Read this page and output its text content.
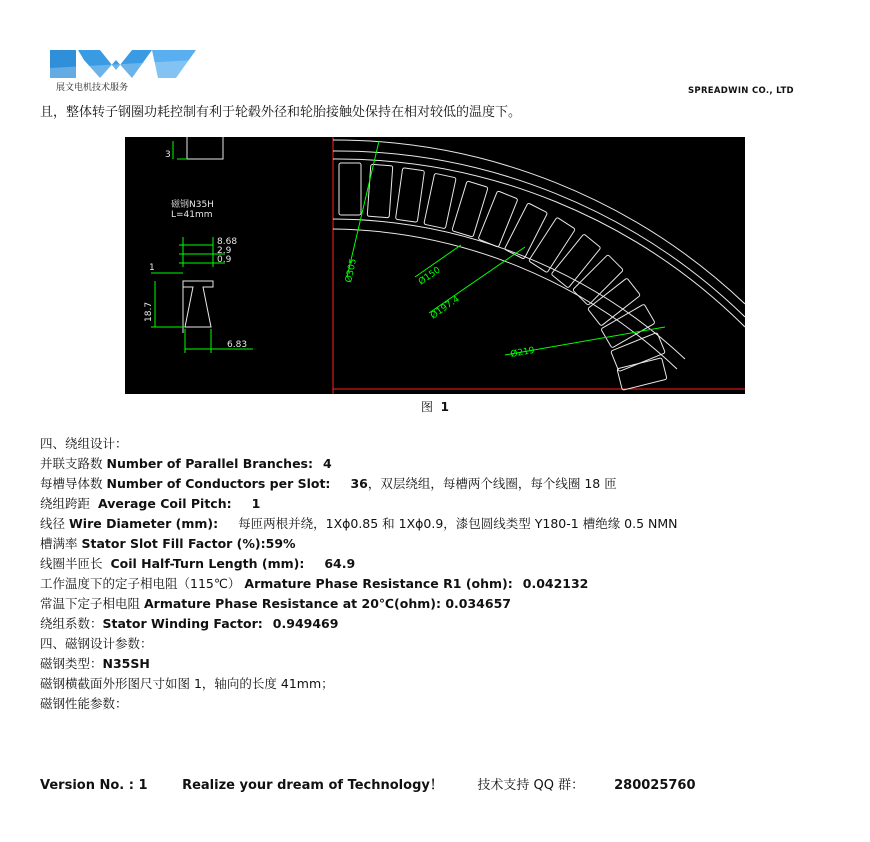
展文电机技术服务	SPREADWIN CO., LTD
且，整体转子钢圈功耗控制有利于轮毂外径和轮胎接触处保持在相对较低的温度下。
磁钢N35H
L=41mm
8.68
2.9
0.9
1
6.83
3
18.7
Ø305	Ø150
Ø197.4
Ø219
图 1

四、绕组设计：

并联支路数 Number of Parallel Branches: 4

每槽导体数 Number of Conductors per Slot: 36，双层绕组，每槽两个线圈，每个线圈 18 匝

绕组跨距 Average Coil Pitch: 1

线径 Wire Diameter (mm): 每匝两根并绕，1Xϕ0.85 和 1Xϕ0.9，漆包圆线类型 Y180-1 槽绝缘 0.5 NMN

槽满率 Stator Slot Fill Factor (%):59%

线圈半匝长 Coil Half-Turn Length (mm): 64.9

工作温度下的定子相电阻（115℃） Armature Phase Resistance R1 (ohm): 0.042132

常温下定子相电阻 Armature Phase Resistance at 20℃(ohm): 0.034657

绕组系数：Stator Winding Factor: 0.949469

四、磁钢设计参数：

磁钢类型：N35SH

磁钢横截面外形图尺寸如图 1，轴向的长度 41mm；

磁钢性能参数：

Version No. : 1	Realize your dream of Technology！	技术支持 QQ 群： 280025760
